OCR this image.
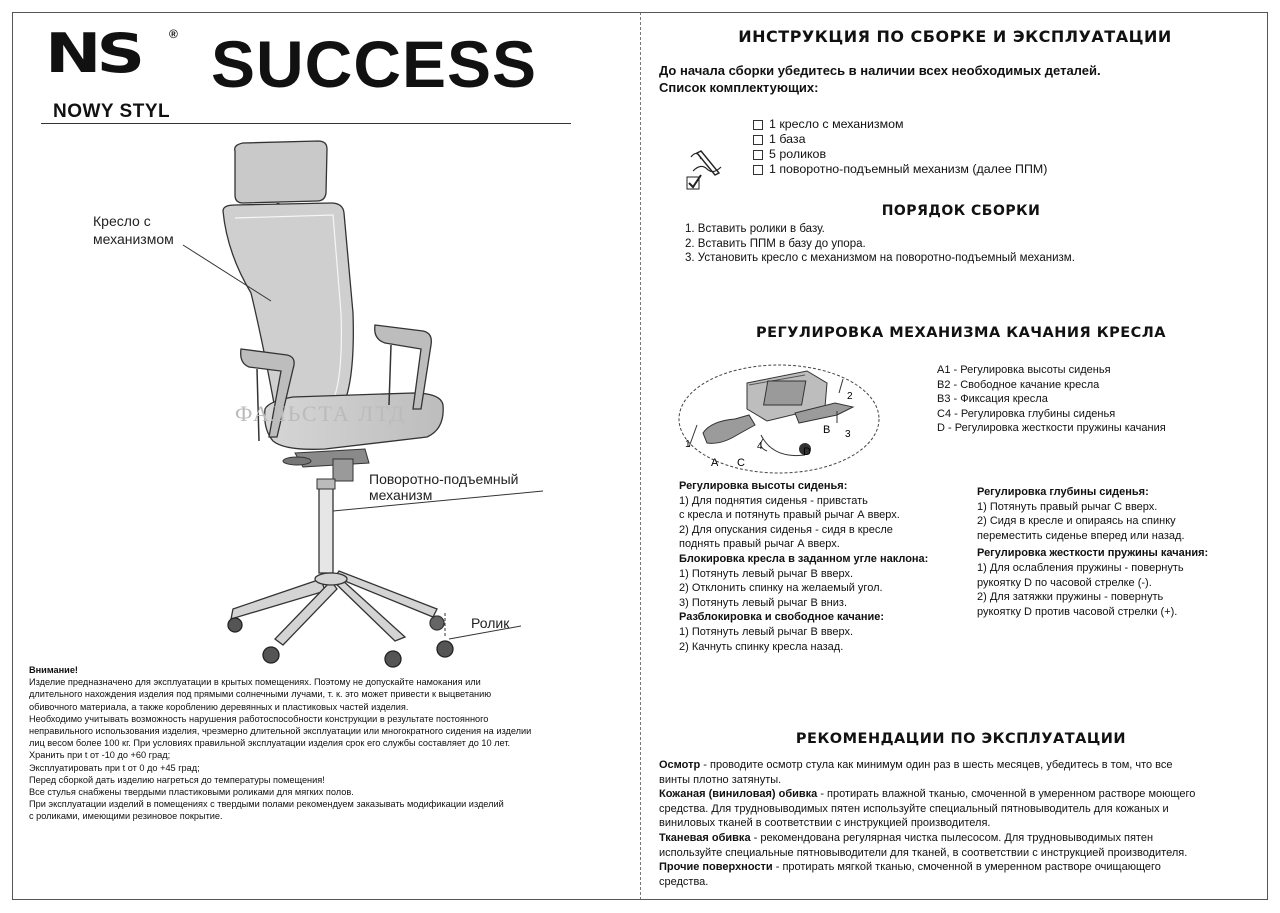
NS ®
NOWY STYL
SUCCESS
Кресло с
механизмом
ФАЛЬСТА ЛТД
Поворотно-подъемный
механизм
Ролик
Внимание!

Изделие предназначено для эксплуатации в крытых помещениях. Поэтому не допускайте намокания или

длительного нахождения изделия под прямыми солнечными лучами, т. к. это может привести к выцветанию

обивочного материала, а также короблению деревянных и пластиковых частей изделия.

Необходимо учитывать возможность нарушения работоспособности конструкции в результате постоянного

неправильного использования изделия, чрезмерно длительной эксплуатации или многократного сидения на изделии

лиц весом более 100 кг. При условиях правильной эксплуатации изделия срок его службы составляет до 10 лет.

Хранить при t от -10 до +60 град;

Эксплуатировать при t от 0 до +45 град;

Перед сборкой дать изделию нагреться до температуры помещения!

Все стулья снабжены твердыми пластиковыми роликами для мягких полов.

При эксплуатации изделий в помещениях с твердыми полами рекомендуем заказывать модификации изделий

с роликами, имеющими резиновое покрытие.

ИНСТРУКЦИЯ ПО СБОРКЕ И ЭКСПЛУАТАЦИИ
До начала сборки убедитесь в наличии всех необходимых деталей.
Список комплектующих:
1 кресло с механизмом
1 база
5 роликов
1 поворотно-подъемный механизм (далее ППМ)
ПОРЯДОК СБОРКИ
1. Вставить ролики в базу.
2. Вставить ППМ в базу до упора.
3. Установить кресло с механизмом на поворотно-подъемный механизм.
РЕГУЛИРОВКА МЕХАНИЗМА КАЧАНИЯ КРЕСЛА
C
A
B
D
1
2
3
4
А1 - Регулировка высоты сиденья
В2 - Свободное качание кресла
В3 - Фиксация кресла
С4 - Регулировка глубины сиденья
D - Регулировка жесткости пружины качания
Регулировка высоты сиденья:
1) Для поднятия сиденья - привстать
с кресла и потянуть правый рычаг А вверх.
2) Для опускания сиденья - сидя в кресле
поднять правый рычаг А вверх.
Блокировка кресла в заданном угле наклона:
1) Потянуть левый рычаг В вверх.
2) Отклонить спинку на желаемый угол.
3) Потянуть левый рычаг В вниз.
Разблокировка и свободное качание:
1) Потянуть левый рычаг В вверх.
2) Качнуть спинку кресла назад.
Регулировка глубины сиденья:
1) Потянуть правый рычаг С вверх.
2) Сидя в кресле и опираясь на спинку
переместить сиденье вперед или назад.
Регулировка жесткости пружины качания:
1) Для ослабления пружины - повернуть
рукоятку D по часовой стрелке (-).
2) Для затяжки пружины - повернуть
рукоятку D против часовой стрелки (+).
РЕКОМЕНДАЦИИ ПО ЭКСПЛУАТАЦИИ

Осмотр - проводите осмотр стула как минимум один раз в шесть месяцев, убедитесь в том, что все

винты плотно затянуты.

Кожаная (виниловая) обивка - протирать влажной тканью, смоченной в умеренном растворе моющего

средства. Для трудновыводимых пятен используйте специальный пятновыводитель для кожаных и

виниловых тканей в соответствии с инструкцией производителя.

Тканевая обивка - рекомендована регулярная чистка пылесосом. Для трудновыводимых пятен

используйте специальные пятновыводители для тканей, в соответствии с инструкцией производителя.

Прочие поверхности - протирать мягкой тканью, смоченной в умеренном растворе очищающего

средства.
